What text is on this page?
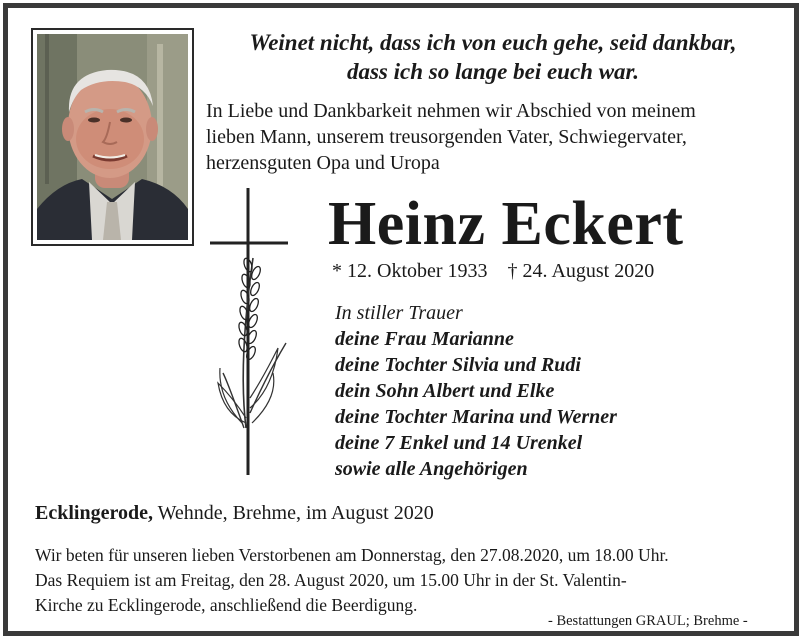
Weinet nicht, dass ich von euch gehe, seid dankbar,
dass ich so lange bei euch war.
In Liebe und Dankbarkeit nehmen wir Abschied von meinem
lieben Mann, unserem treusorgenden Vater, Schwiegervater,
herzensguten Opa und Uropa
Heinz Eckert
* 12. Oktober 1933 † 24. August 2020
In stiller Trauer
deine Frau Marianne
deine Tochter Silvia und Rudi
dein Sohn Albert und Elke
deine Tochter Marina und Werner
deine 7 Enkel und 14 Urenkel
sowie alle Angehörigen
Ecklingerode, Wehnde, Brehme, im August 2020
Wir beten für unseren lieben Verstorbenen am Donnerstag, den 27.08.2020, um 18.00 Uhr.
Das Requiem ist am Freitag, den 28. August 2020, um 15.00 Uhr in der St. Valentin-
Kirche zu Ecklingerode, anschließend die Beerdigung.
- Bestattungen GRAUL; Brehme -
